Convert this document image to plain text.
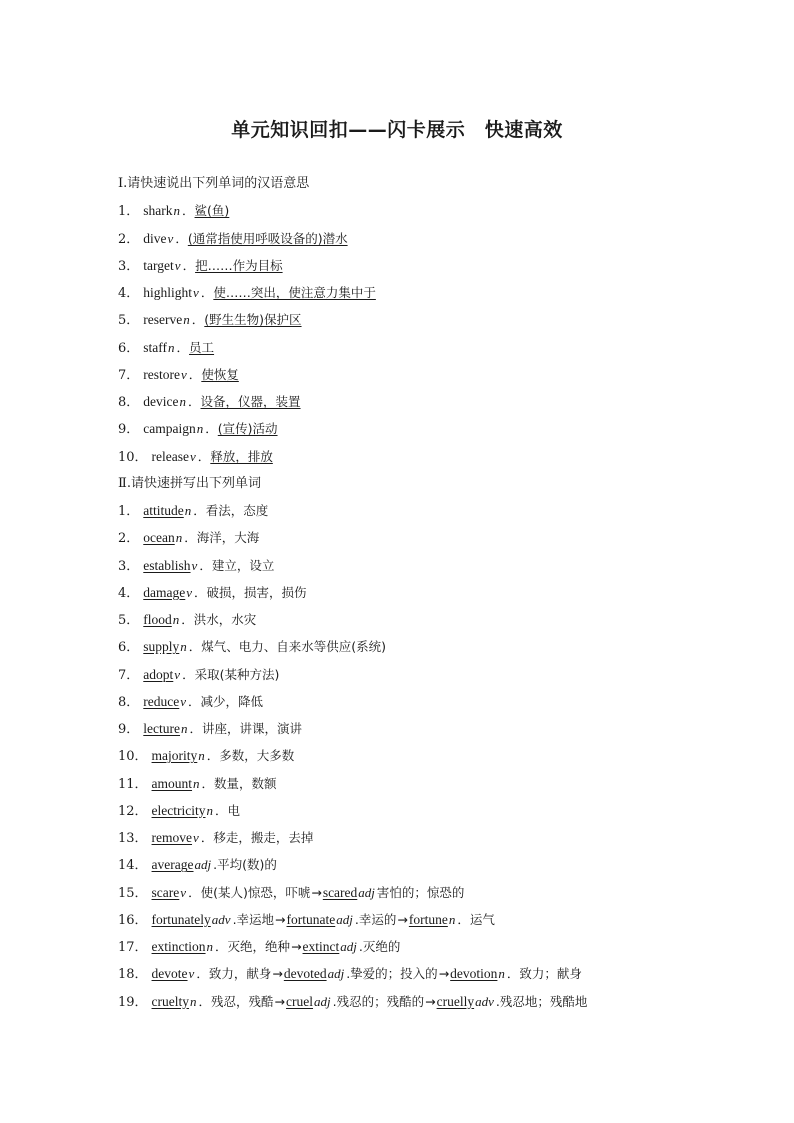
单元知识回扣——闪卡展示　快速高效
Ⅰ.请快速说出下列单词的汉语意思
1． sharkn ．鲨(鱼)
2． divev ．(通常指使用呼吸设备的)潜水
3． targetv ．把……作为目标
4． highlightv ．使……突出，使注意力集中于
5． reserven ．(野生生物)保护区
6． staffn ．员工
7． restorev ．使恢复
8． devicen ．设备，仪器，装置
9． campaignn ．(宣传)活动
10． releasev ．释放，排放
Ⅱ.请快速拼写出下列单词
1． attituden ．看法，态度
2． oceann ．海洋，大海
3． establishv ．建立，设立
4． damagev ．破损，损害，损伤
5． floodn ．洪水，水灾
6． supplyn ．煤气、电力、自来水等供应(系统)
7． adoptv ．采取(某种方法)
8． reducev ．减少，降低
9． lecturen ．讲座，讲课，演讲
10． majorityn ．多数，大多数
11． amountn ．数量，数额
12． electricityn ．电
13． removev ．移走，搬走，去掉
14． averageadj .平均(数)的
15． scarev ．使(某人)惊恐，吓唬→scaredadj 害怕的；惊恐的
16． fortunatelyadv .幸运地→fortunateadj .幸运的→fortunen ．运气
17． extinctionn ．灭绝，绝种→extinctadj .灭绝的
18． devotev ．致力，献身→devotedadj .挚爱的；投入的→devotionn ．致力；献身
19． crueltyn ．残忍，残酷→crueladj .残忍的；残酷的→cruellyadv .残忍地；残酷地
